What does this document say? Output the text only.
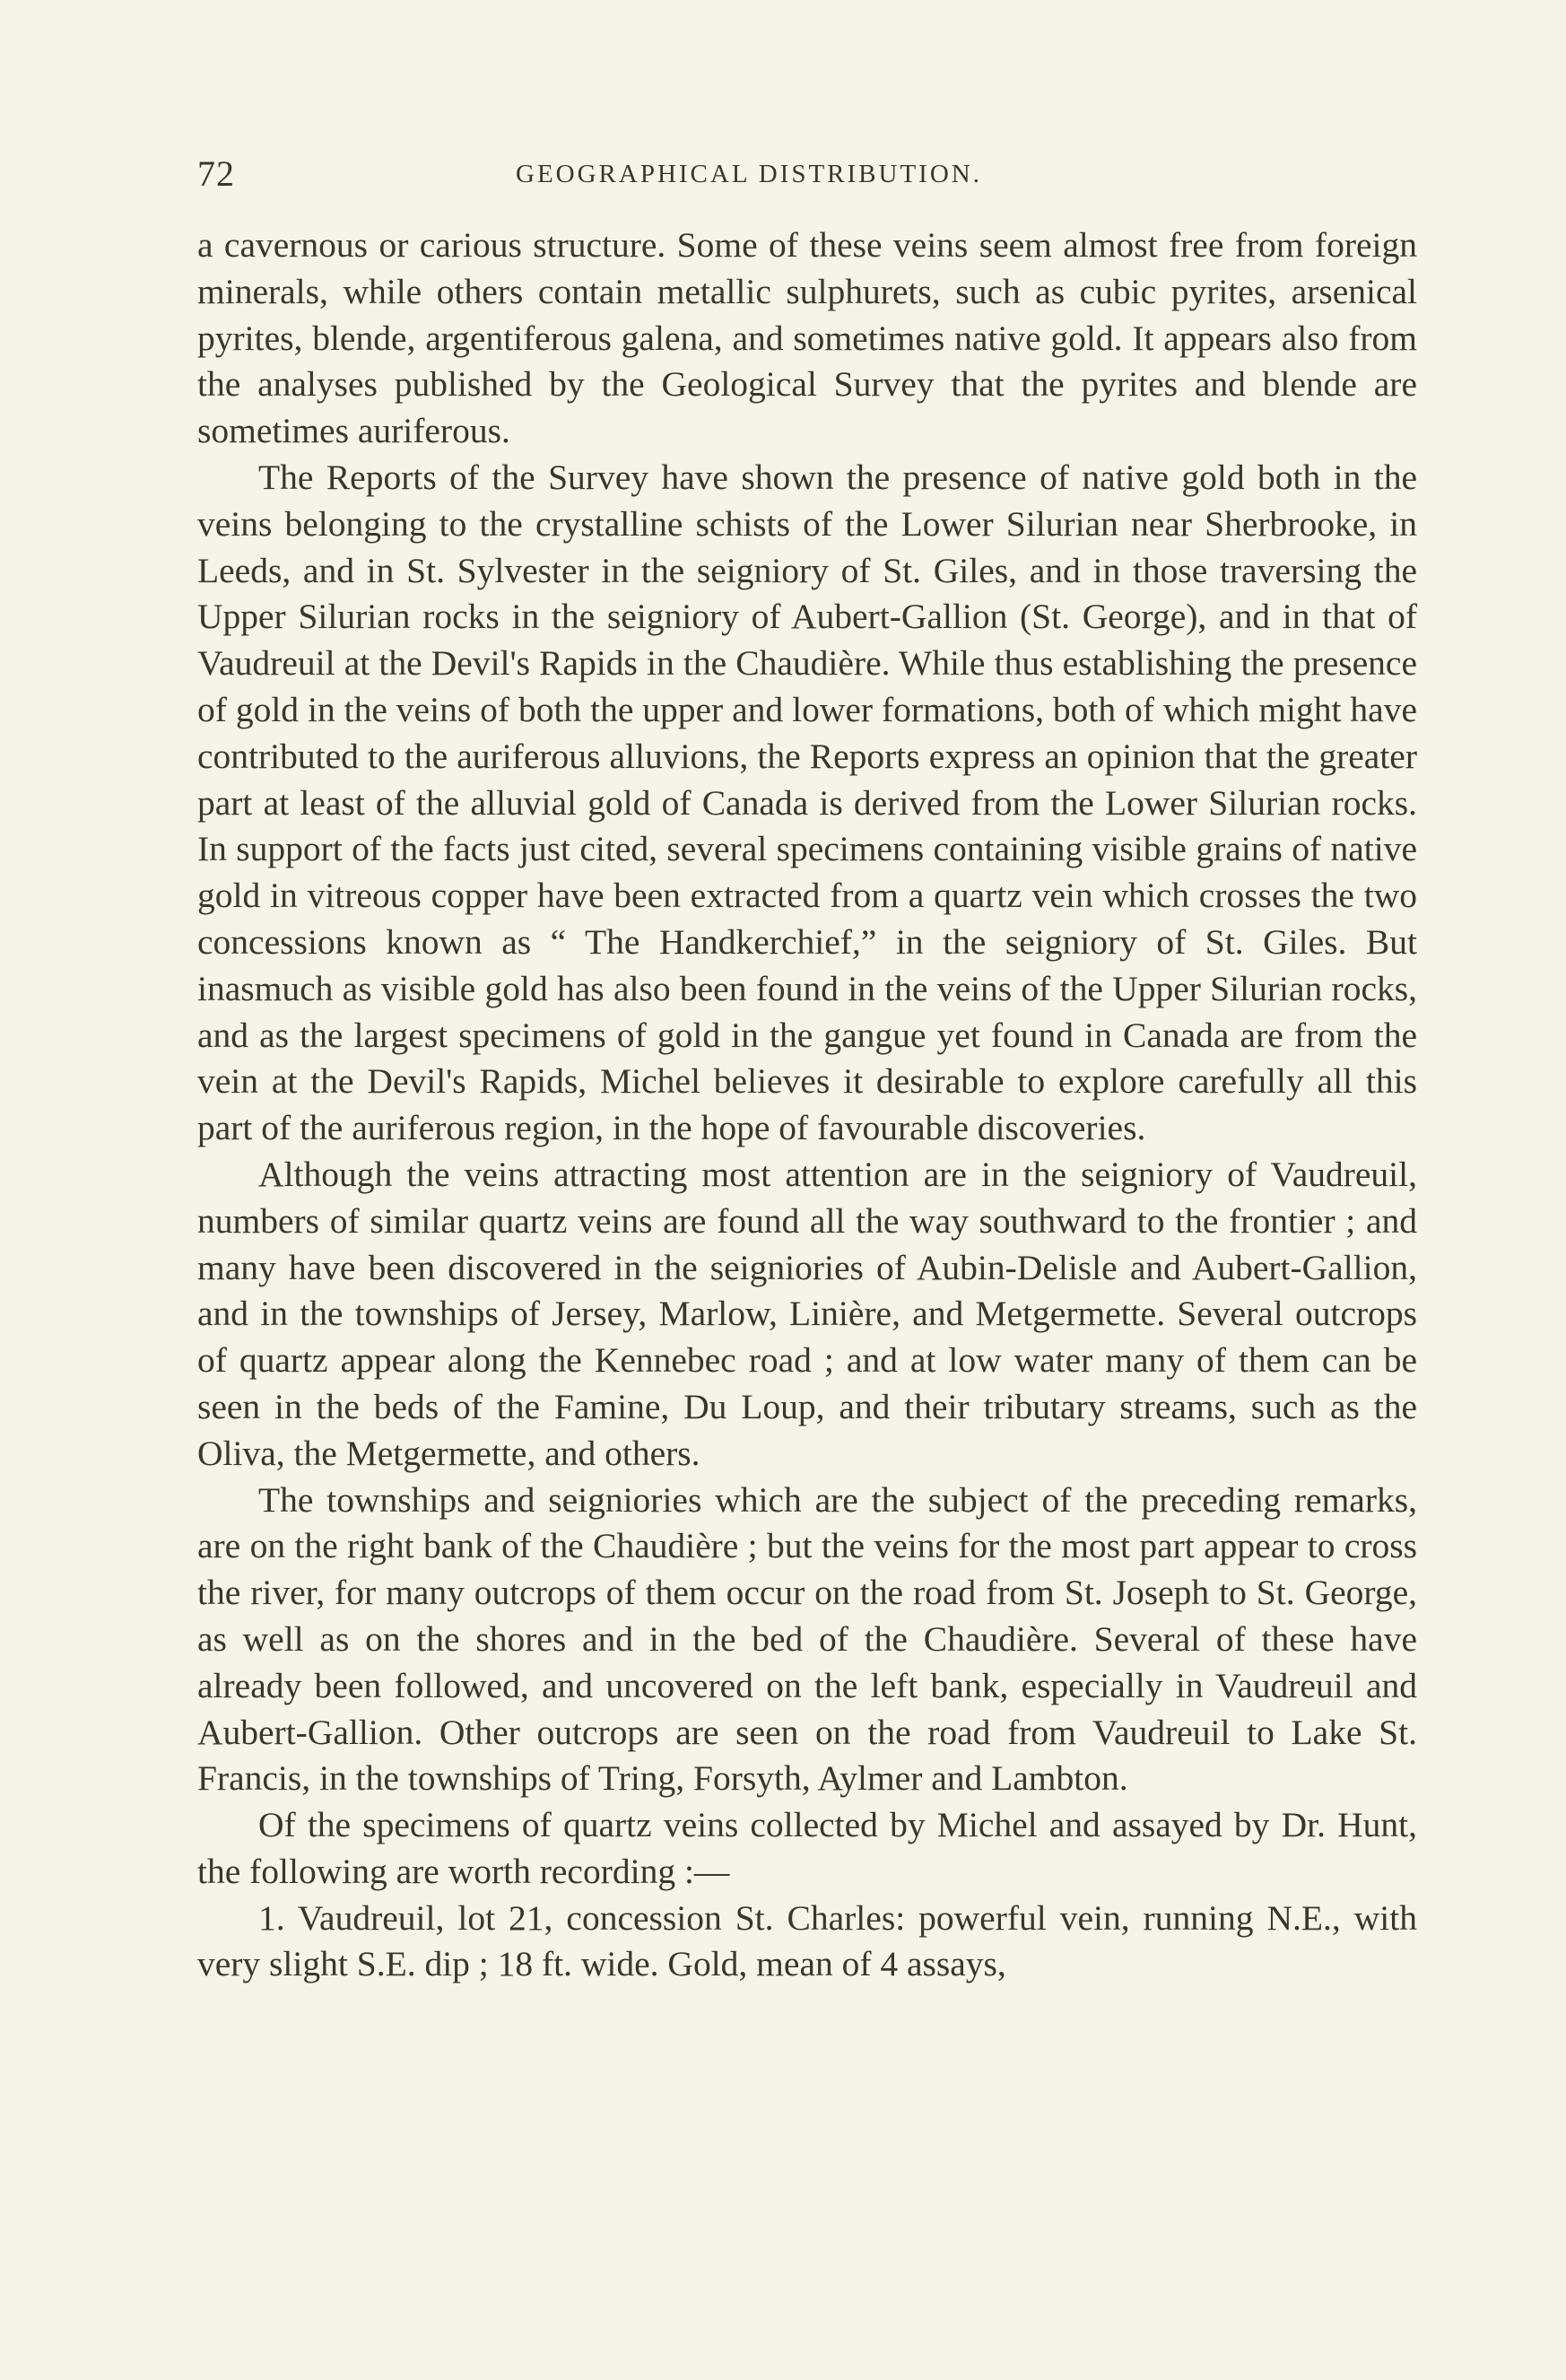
72	GEOGRAPHICAL DISTRIBUTION.

a cavernous or carious structure. Some of these veins seem almost free from foreign minerals, while others contain metallic sulphurets, such as cubic pyrites, arsenical pyrites, blende, argentiferous galena, and sometimes native gold. It appears also from the analyses published by the Geological Survey that the pyrites and blende are sometimes auriferous.

The Reports of the Survey have shown the presence of native gold both in the veins belonging to the crystalline schists of the Lower Silurian near Sherbrooke, in Leeds, and in St. Sylvester in the seigniory of St. Giles, and in those traversing the Upper Silurian rocks in the seigniory of Aubert-Gallion (St. George), and in that of Vaudreuil at the Devil's Rapids in the Chaudière. While thus establishing the presence of gold in the veins of both the upper and lower formations, both of which might have contributed to the auriferous alluvions, the Reports express an opinion that the greater part at least of the alluvial gold of Canada is derived from the Lower Silurian rocks. In support of the facts just cited, several specimens containing visible grains of native gold in vitreous copper have been extracted from a quartz vein which crosses the two concessions known as “ The Handkerchief,” in the seigniory of St. Giles. But inasmuch as visible gold has also been found in the veins of the Upper Silurian rocks, and as the largest specimens of gold in the gangue yet found in Canada are from the vein at the Devil's Rapids, Michel believes it desirable to explore carefully all this part of the auriferous region, in the hope of favourable discoveries.

Although the veins attracting most attention are in the seigniory of Vaudreuil, numbers of similar quartz veins are found all the way southward to the frontier ; and many have been discovered in the seigniories of Aubin-Delisle and Aubert-Gallion, and in the townships of Jersey, Marlow, Linière, and Metgermette. Several outcrops of quartz appear along the Kennebec road ; and at low water many of them can be seen in the beds of the Famine, Du Loup, and their tributary streams, such as the Oliva, the Metgermette, and others.

The townships and seigniories which are the subject of the preceding remarks, are on the right bank of the Chaudière ; but the veins for the most part appear to cross the river, for many outcrops of them occur on the road from St. Joseph to St. George, as well as on the shores and in the bed of the Chaudière. Several of these have already been followed, and uncovered on the left bank, especially in Vaudreuil and Aubert-Gallion. Other outcrops are seen on the road from Vaudreuil to Lake St. Francis, in the townships of Tring, Forsyth, Aylmer and Lambton.

Of the specimens of quartz veins collected by Michel and assayed by Dr. Hunt, the following are worth recording :—

1. Vaudreuil, lot 21, concession St. Charles: powerful vein, running N.E., with very slight S.E. dip ; 18 ft. wide. Gold, mean of 4 assays,
